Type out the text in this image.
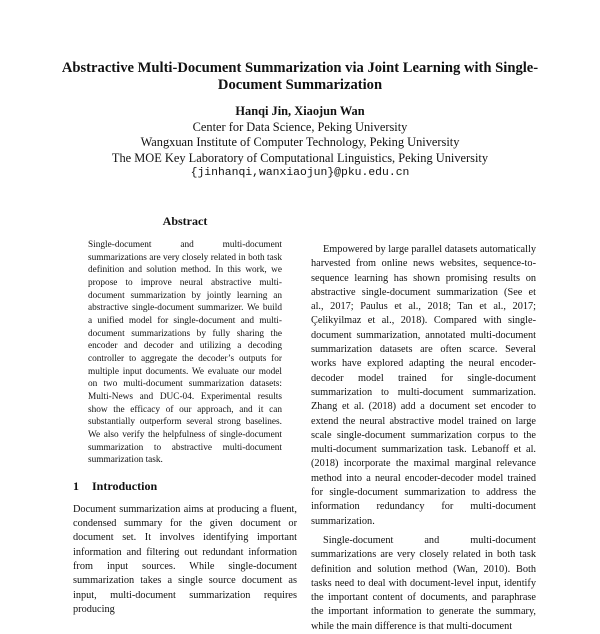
Abstractive Multi-Document Summarization via Joint Learning with Single-Document Summarization
Hanqi Jin, Xiaojun Wan
Center for Data Science, Peking University
Wangxuan Institute of Computer Technology, Peking University
The MOE Key Laboratory of Computational Linguistics, Peking University
{jinhanqi,wanxiaojun}@pku.edu.cn
Abstract

Single-document and multi-document summarizations are very closely related in both task definition and solution method. In this work, we propose to improve neural abstractive multi-document summarization by jointly learning an abstractive single-document summarizer. We build a unified model for single-document and multi-document summarizations by fully sharing the encoder and decoder and utilizing a decoding controller to aggregate the decoder’s outputs for multiple input documents. We evaluate our model on two multi-document summarization datasets: Multi-News and DUC-04. Experimental results show the efficacy of our approach, and it can substantially outperform several strong baselines. We also verify the helpfulness of single-document summarization to abstractive multi-document summarization task.

1 Introduction

Document summarization aims at producing a fluent, condensed summary for the given document or document set. It involves identifying important information and filtering out redundant information from input sources. While single-document summarization takes a single source document as input, multi-document summarization requires producing

Empowered by large parallel datasets automatically harvested from online news websites, sequence-to-sequence learning has shown promising results on abstractive single-document summarization (See et al., 2017; Paulus et al., 2018; Tan et al., 2017; Çelikyilmaz et al., 2018). Compared with single-document summarization, annotated multi-document summarization datasets are often scarce. Several works have explored adapting the neural encoder-decoder model trained for single-document summarization to multi-document summarization. Zhang et al. (2018) add a document set encoder to extend the neural abstractive model trained on large scale single-document summarization corpus to the multi-document summarization task. Lebanoff et al. (2018) incorporate the maximal marginal relevance method into a neural encoder-decoder model trained for single-document summarization to address the information redundancy for multi-document summarization.

Single-document and multi-document summarizations are very closely related in both task definition and solution method (Wan, 2010). Both tasks need to deal with document-level input, identify the important content of documents, and paraphrase the important information to generate the summary, while the main difference is that multi-document
